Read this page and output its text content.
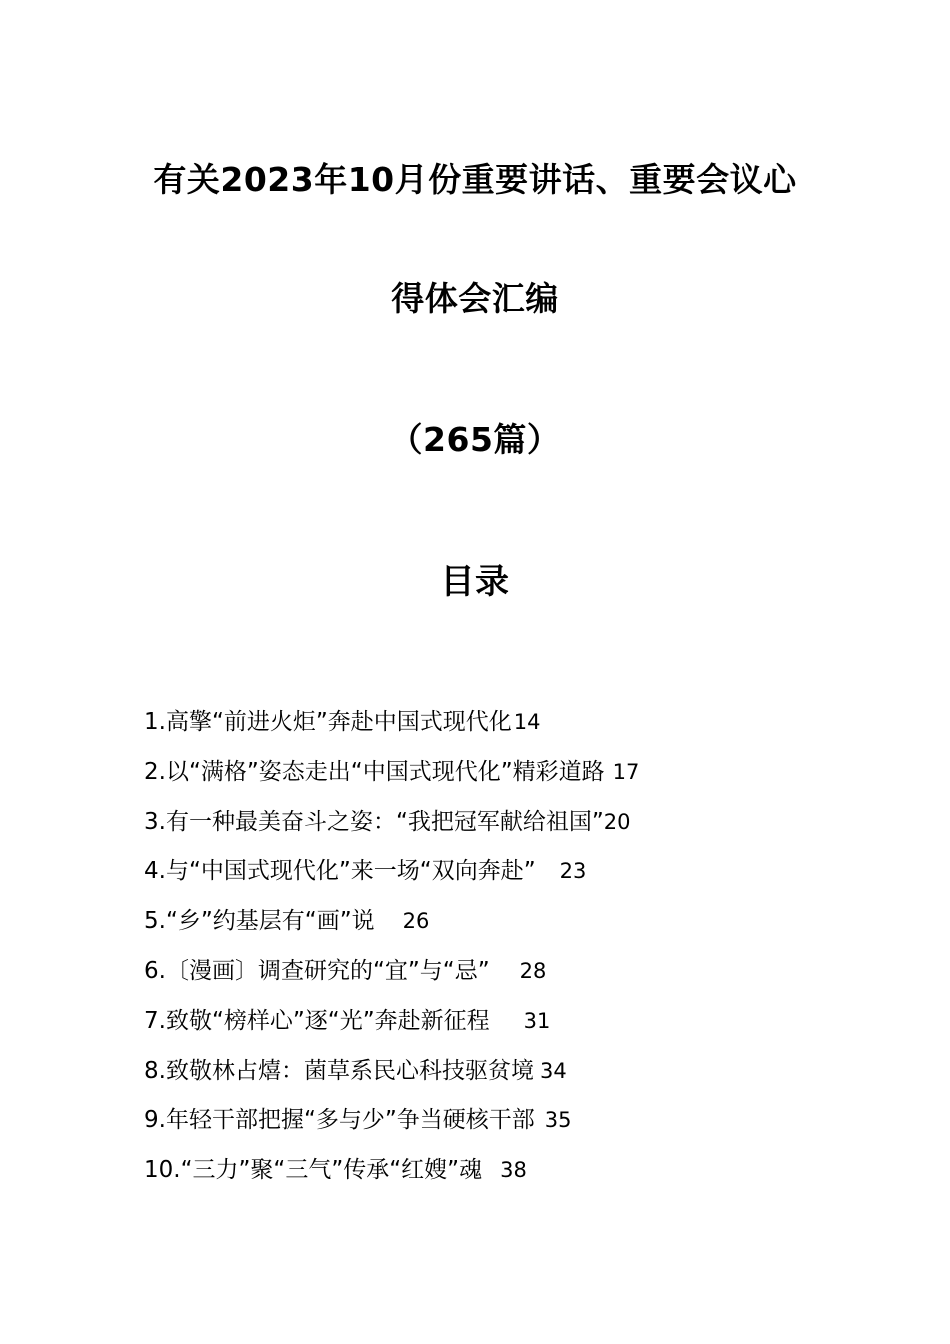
有关2023年10月份重要讲话、重要会议心
得体会汇编
（265篇）
目录
1.高擎“前进火炬”奔赴中国式现代化 14
2.以“满格”姿态走出“中国式现代化”精彩道路 17
3.有一种最美奋斗之姿：“我把冠军献给祖国” 20
4.与“中国式现代化”来一场“双向奔赴” 23
5.“乡”约基层有“画”说 26
6.〔漫画〕调查研究的“宜”与“忌” 28
7.致敬“榜样心”逐“光”奔赴新征程 31
8.致敬林占熺：菌草系民心科技驱贫境 34
9.年轻干部把握“多与少”争当硬核干部 35
10.“三力”聚“三气”传承“红嫂”魂 38
